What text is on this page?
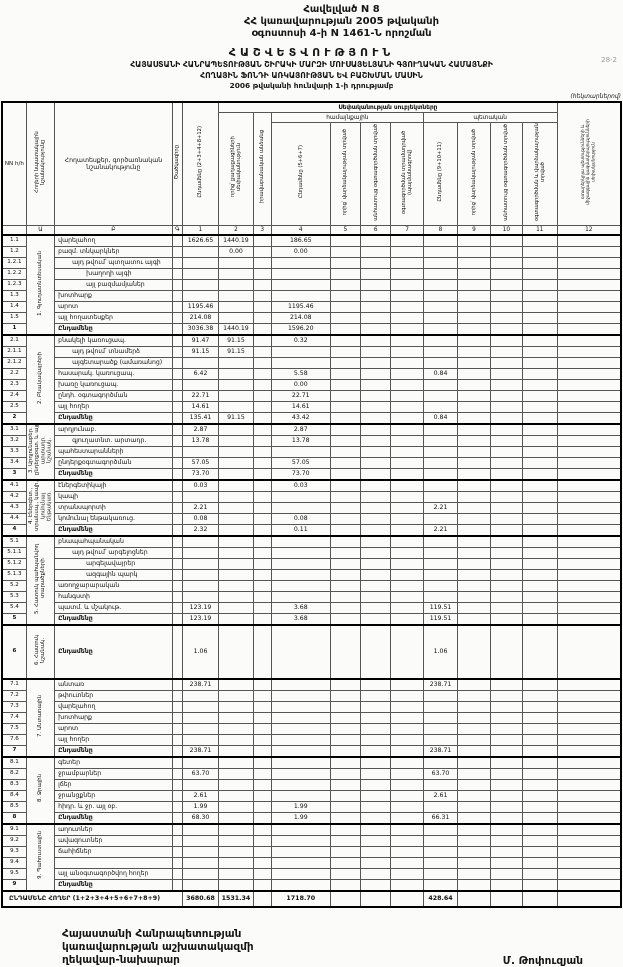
28-2
Հավելված N 8
ՀՀ կառավարության 2005 թվականի
օգոստոսի 4-ի N 1461-Ն որոշման
ՀԱՇՎԵՏՎՈՒԹՅՈՒՆ
ՀԱՅԱՍՏԱՆԻ ՀԱՆՐԱՊԵՏՈՒԹՅԱՆ ՇԻՐԱԿԻ ՄԱՐԶԻ ՄՈՒՍԱՅԵԼՅԱՆԻ ԳՅՈՒՂԱԿԱՆ ՀԱՄԱՅՆՔԻ
ՀՈՂԱՅԻՆ ՖՈՆԴԻ ԱՌԿԱՅՈՒԹՅԱՆ ԵՎ ԲԱՇԽՄԱՆ ՄԱՍԻՆ
2006 թվականի հունվարի 1-ի դրությամբ
(հեկտարներով)
NN հ/հ	Հողերի նպատակային նշանակությունը	Հողատեսքեր, գործառնական նշանակությունը	Ծածկագիրը	Ընդամենը (2+3+4+8+12)	Սեփականության սուբյեկտները										օտարերկրյա պետությունների և միջազգային կազմակերպությունների սեփականություն
					որից՝ քաղաքացիների սեփականություն	իրավաբանական անձանց	համայնքային				պետական				
							Ընդամենը (5+6+7)	որից՝ վարձակալության տրված	անհատույց օգտագործման տրված	օգտագործման տրամադրված (պայմանագրով)	Ընդամենը (9+10+11)	որից՝ վարձակալության տրված	անհատույց օգտագործման տրված	օգտագործման և վարձակալության տրված	
	Ա	Բ	Գ	1	2	3	4	5	6	7	8	9	10	11	12
1.1	1. Գյուղատնտեսական	վարելահող		1626.65	1440.19		186.65								
1.2		բազմ. տնկարկներ			0.00		0.00								
1.2.1		այդ թվում՝ պտղատու այգի													
1.2.2		խաղողի այգի													
1.2.3		այլ բազմամյաներ													
1.3		խոտհարք													
1.4		արոտ		1195.46			1195.46								
1.5		այլ հողատեսքեր		214.08			214.08								
1		Ընդամենը		3036.38	1440.19		1596.20								
2.1	2. Բնակավայրերի	բնակելի կառուցապ.		91.47	91.15		0.32								
2.1.1		այդ թվում՝ տնամերձ		91.15	91.15										
2.1.2		այգետարածք (ամառանոց)													
2.2		հասարակ. կառուցապ.		6.42			5.58				0.84				
2.3		խառը կառուցապ.					0.00								
2.4		ընդհ. օգտագործման		22.71			22.71								
2.5		այլ հողեր		14.61			14.61								
2		Ընդամենը		135.41	91.15		43.42				0.84				
3.1	3. Արդյունաբեր. ընդերքօգտ. և այլ արտադր. նշանակ.	արդյունաբ.		2.87			2.87								
3.2		գյուղատնտ. արտադր.		13.78			13.78								
3.3		պահեստարանների													
3.4		ընդերքօգտագործման		57.05			57.05								
3		Ընդամենը		73.70			73.70								
4.1	4. Էներգետ., տրանսպ., կապի, կոմունալ ենթակառ.	էներգետիկայի		0.03			0.03								
4.2		կապի													
4.3		տրանսպորտի		2.21							2.21				
4.4		կոմունալ ենթակառուց.		0.08			0.08								
4		Ընդամենը		2.32			0.11				2.21				
5.1	5. Հատուկ պահպանվող տարածքների	բնապահպանական													
5.1.1		այդ թվում՝ արգելոցներ													
5.1.2		արգելավայրեր													
5.1.3		ազգային պարկ													
5.2		առողջարարական													
5.3		հանգստի													
5.4		պատմ. և մշակութ.		123.19			3.68				119.51				
5		Ընդամենը		123.19			3.68				119.51				
6	6. Հատուկ նշանակ.	Ընդամենը		1.06							1.06				
7.1	7. Անտառային	անտառ		238.71							238.71				
7.2		թփուտներ													
7.3		վարելահող													
7.4		խոտհարք													
7.5		արոտ													
7.6		այլ հողեր													
7		Ընդամենը		238.71							238.71				
8.1	8. Ջրային	գետեր													
8.2		ջրամբարներ		63.70							63.70				
8.3		լճեր													
8.4		ջրանցքներ		2.61							2.61				
8.5		հիդր. և ջր. այլ օբ.		1.99			1.99								
8		Ընդամենը		68.30			1.99				66.31				
9.1	9. Պահուստային	աղուտներ													
9.2		ավազուտներ													
9.3		ճահիճներ													
9.4															
9.5		այլ անօգտագործվող հողեր													
9		Ընդամենը													
ԸՆԴԱՄԵՆԸ ՀՈՂԵՐ (1+2+3+4+5+6+7+8+9)				3680.68	1531.34		1718.70				428.64				
Հայաստանի Հանրապետության
կառավարության աշխատակազմի
ղեկավար-նախարար	Մ. Թոփուզյան
